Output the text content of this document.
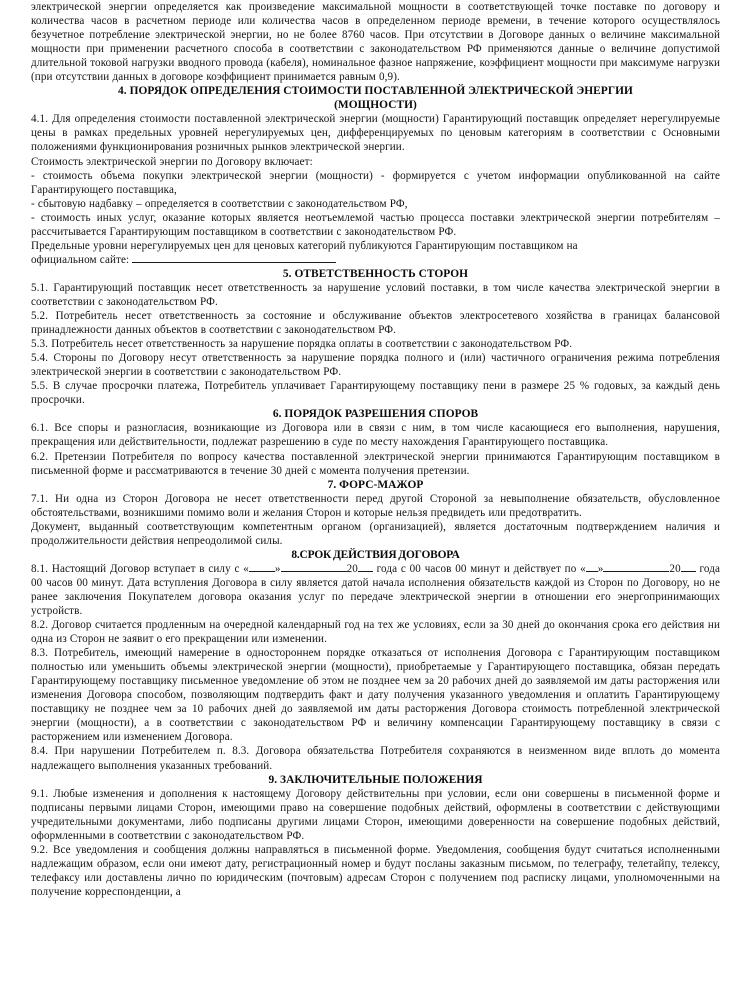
электрической энергии определяется как произведение максимальной мощности в соответствующей точке поставке по договору и количества часов в расчетном периоде или количества часов в определенном периоде времени, в течение которого осуществлялось безучетное потребление электрической энергии, но не более 8760 часов. При отсутствии в Договоре данных о величине максимальной мощности при применении расчетного способа в соответствии с законодательством РФ применяются данные о величине допустимой длительной токовой нагрузки вводного провода (кабеля), номинальное фазное напряжение, коэффициент мощности при максимуме нагрузки (при отсутствии данных в договоре коэффициент принимается равным 0,9).

4. ПОРЯДОК ОПРЕДЕЛЕНИЯ СТОИМОСТИ ПОСТАВЛЕННОЙ ЭЛЕКТРИЧЕСКОЙ ЭНЕРГИИ
(МОЩНОСТИ)

4.1. Для определения стоимости поставленной электрической энергии (мощности) Гарантирующий поставщик определяет нерегулируемые цены в рамках предельных уровней нерегулируемых цен, дифференцируемых по ценовым категориям в соответствии с Основными положениями функционирования розничных рынков электрической энергии.

Стоимость электрической энергии по Договору включает:

- стоимость объема покупки электрической энергии (мощности) - формируется с учетом информации опубликованной на сайте Гарантирующего поставщика,

- сбытовую надбавку – определяется в соответствии с законодательством РФ,

- стоимость иных услуг, оказание которых является неотъемлемой частью процесса поставки электрической энергии потребителям – рассчитывается Гарантирующим поставщиком в соответствии с законодательством РФ.

Предельные уровни нерегулируемых цен для ценовых категорий публикуются Гарантирующим поставщиком на

официальном сайте:

5. ОТВЕТСТВЕННОСТЬ СТОРОН

5.1. Гарантирующий поставщик несет ответственность за нарушение условий поставки, в том числе качества электрической энергии в соответствии с законодательством РФ.

5.2. Потребитель несет ответственность за состояние и обслуживание объектов электросетевого хозяйства в границах балансовой принадлежности данных объектов в соответствии с законодательством РФ.

5.3. Потребитель несет ответственность за нарушение порядка оплаты в соответствии с законодательством РФ.

5.4. Стороны по Договору несут ответственность за нарушение порядка полного и (или) частичного ограничения режима потребления электрической энергии в соответствии с законодательством РФ.

5.5. В случае просрочки платежа, Потребитель уплачивает Гарантирующему поставщику пени в размере 25 % годовых, за каждый день просрочки.

6. ПОРЯДОК РАЗРЕШЕНИЯ СПОРОВ

6.1. Все споры и разногласия, возникающие из Договора или в связи с ним, в том числе касающиеся его выполнения, нарушения, прекращения или действительности, подлежат разрешению в суде по месту нахождения Гарантирующего поставщика.

6.2. Претензии Потребителя по вопросу качества поставленной электрической энергии принимаются Гарантирующим поставщиком в письменной форме и рассматриваются в течение 30 дней с момента получения претензии.

7. ФОРС-МАЖОР

7.1. Ни одна из Сторон Договора не несет ответственности перед другой Стороной за невыполнение обязательств, обусловленное обстоятельствами, возникшими помимо воли и желания Сторон и которые нельзя предвидеть или предотвратить.

Документ, выданный соответствующим компетентным органом (организацией), является достаточным подтверждением наличия и продолжительности действия непреодолимой силы.

8.СРОК ДЕЙСТВИЯ ДОГОВОРА

8.1. Настоящий Договор вступает в силу с « »	20 года с 00 часов 00 минут и действует по « »	20 года 00 часов 00 минут. Дата вступления Договора в силу является датой начала исполнения обязательств каждой из Сторон по Договору, но не ранее заключения Покупателем договора оказания услуг по передаче электрической энергии в отношении его энергопринимающих устройств.

8.2. Договор считается продленным на очередной календарный год на тех же условиях, если за 30 дней до окончания срока его действия ни одна из Сторон не заявит о его прекращении или изменении.

8.3. Потребитель, имеющий намерение в одностороннем порядке отказаться от исполнения Договора с Гарантирующим поставщиком полностью или уменьшить объемы электрической энергии (мощности), приобретаемые у Гарантирующего поставщика, обязан передать Гарантирующему поставщику письменное уведомление об этом не позднее чем за 20 рабочих дней до заявляемой им даты расторжения или изменения Договора способом, позволяющим подтвердить факт и дату получения указанного уведомления и оплатить Гарантирующему поставщику не позднее чем за 10 рабочих дней до заявляемой им даты расторжения Договора стоимость потребленной электрической энергии (мощности), а в соответствии с законодательством РФ и величину компенсации Гарантирующему поставщику в связи с расторжением или изменением Договора.

8.4. При нарушении Потребителем п. 8.3. Договора обязательства Потребителя сохраняются в неизменном виде вплоть до момента надлежащего выполнения указанных требований.

9. ЗАКЛЮЧИТЕЛЬНЫЕ ПОЛОЖЕНИЯ

9.1. Любые изменения и дополнения к настоящему Договору действительны при условии, если они совершены в письменной форме и подписаны первыми лицами Сторон, имеющими право на совершение подобных действий, оформлены в соответствии с действующими учредительными документами, либо подписаны другими лицами Сторон, имеющими доверенности на совершение подобных действий, оформленными в соответствии с законодательством РФ.

9.2. Все уведомления и сообщения должны направляться в письменной форме. Уведомления, сообщения будут считаться исполненными надлежащим образом, если они имеют дату, регистрационный номер и будут посланы заказным письмом, по телеграфу, телетайпу, телексу, телефаксу или доставлены лично по юридическим (почтовым) адресам Сторон с получением под расписку лицами, уполномоченными на получение корреспонденции, а
